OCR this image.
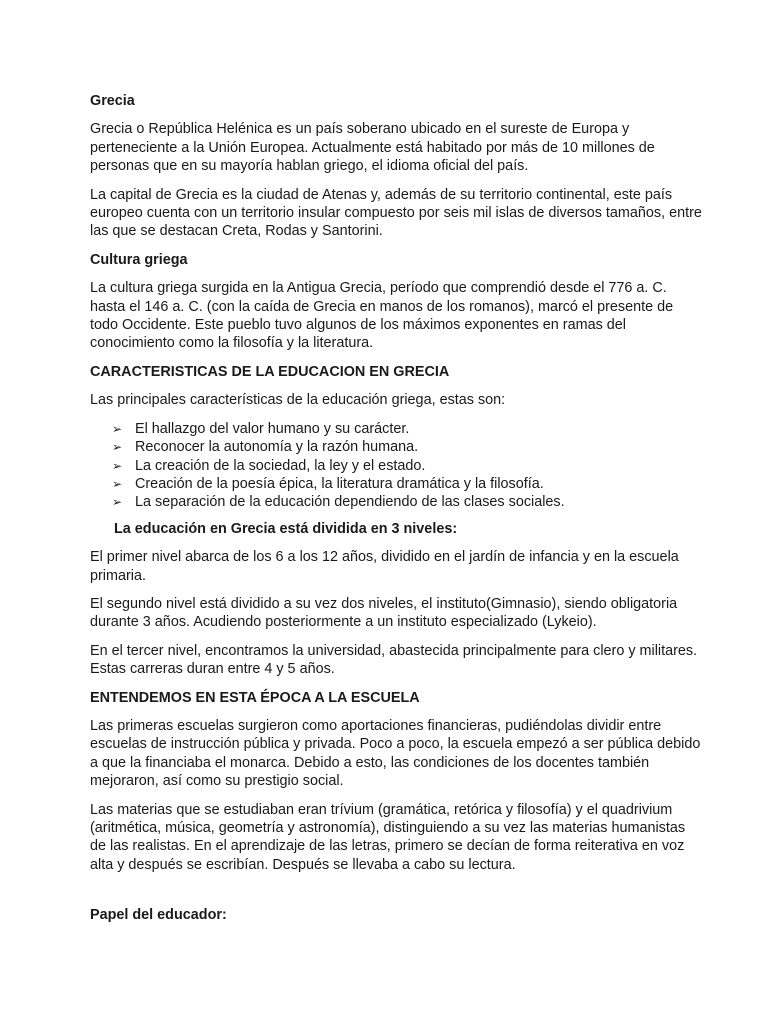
Grecia
Grecia o República Helénica es un país soberano ubicado en el sureste de Europa y
perteneciente a la Unión Europea. Actualmente está habitado por más de 10 millones de
personas que en su mayoría hablan griego, el idioma oficial del país.
La capital de Grecia es la ciudad de Atenas y, además de su territorio continental, este país
europeo cuenta con un territorio insular compuesto por seis mil islas de diversos tamaños, entre
las que se destacan Creta, Rodas y Santorini.
Cultura griega
La cultura griega surgida en la Antigua Grecia, período que comprendió desde el 776 a. C.
hasta el 146 a. C. (con la caída de Grecia en manos de los romanos), marcó el presente de
todo Occidente. Este pueblo tuvo algunos de los máximos exponentes en ramas del
conocimiento como la filosofía y la literatura.
CARACTERISTICAS DE LA EDUCACION EN GRECIA
Las principales características de la educación griega, estas son:
➢ El hallazgo del valor humano y su carácter.
➢ Reconocer la autonomía y la razón humana.
➢ La creación de la sociedad, la ley y el estado.
➢ Creación de la poesía épica, la literatura dramática y la filosofía.
➢ La separación de la educación dependiendo de las clases sociales.
La educación en Grecia está dividida en 3 niveles:
El primer nivel abarca de los 6 a los 12 años, dividido en el jardín de infancia y en la escuela
primaria.
El segundo nivel está dividido a su vez dos niveles, el instituto(Gimnasio), siendo obligatoria
durante 3 años. Acudiendo posteriormente a un instituto especializado (Lykeio).
En el tercer nivel, encontramos la universidad, abastecida principalmente para clero y militares.
Estas carreras duran entre 4 y 5 años.
ENTENDEMOS EN ESTA ÉPOCA A LA ESCUELA
Las primeras escuelas surgieron como aportaciones financieras, pudiéndolas dividir entre
escuelas de instrucción pública y privada. Poco a poco, la escuela empezó a ser pública debido
a que la financiaba el monarca. Debido a esto, las condiciones de los docentes también
mejoraron, así como su prestigio social.
Las materias que se estudiaban eran trívium (gramática, retórica y filosofía) y el quadrivium
(aritmética, música, geometría y astronomía), distinguiendo a su vez las materias humanistas
de las realistas. En el aprendizaje de las letras, primero se decían de forma reiterativa en voz
alta y después se escribían. Después se llevaba a cabo su lectura.
Papel del educador:
